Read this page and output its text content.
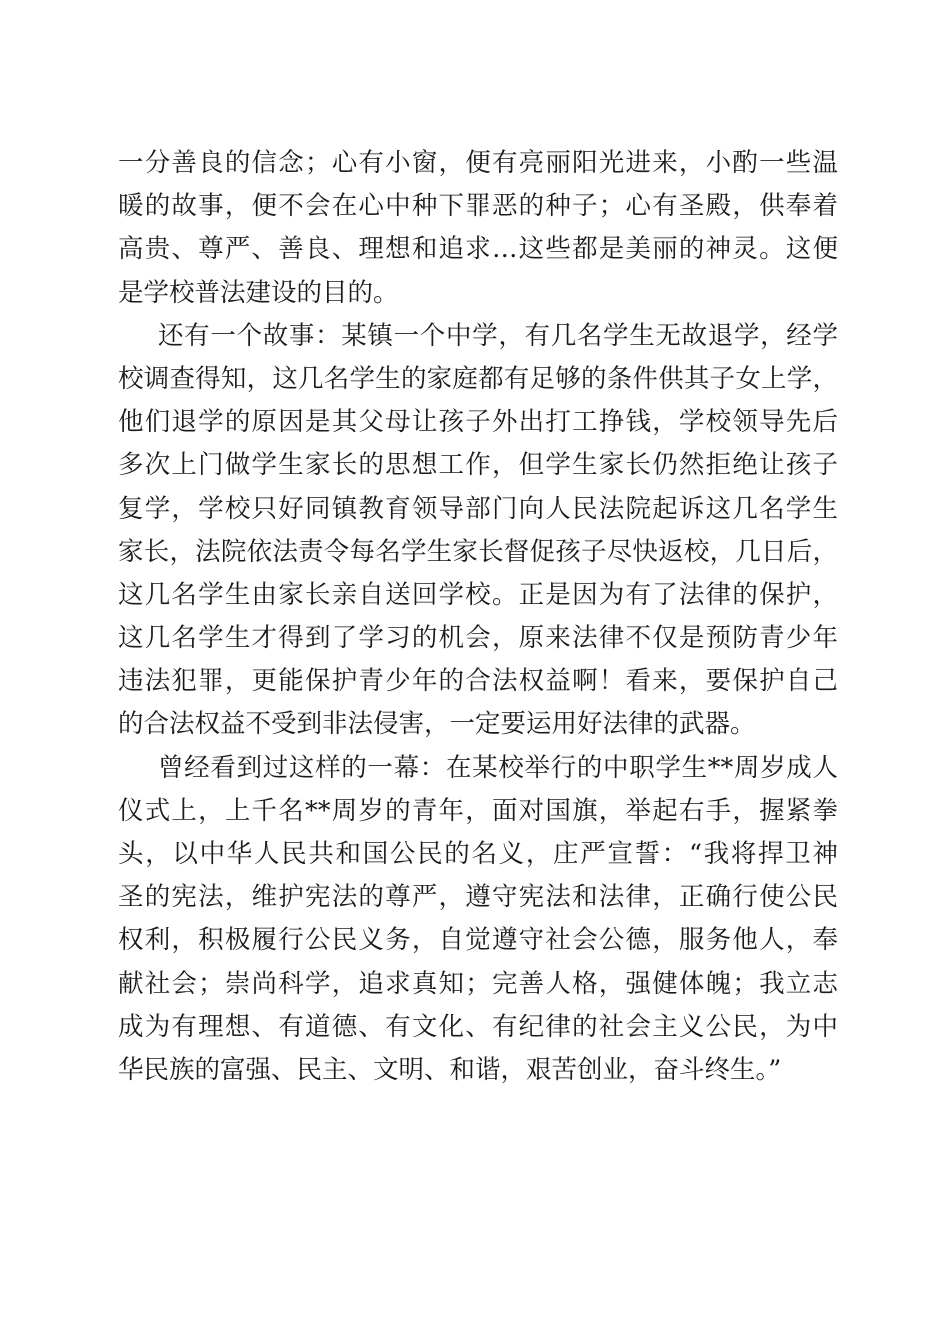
一分善良的信念；心有小窗，便有亮丽阳光进来，小酌一些温
暖的故事，便不会在心中种下罪恶的种子；心有圣殿，供奉着
高贵、尊严、善良、理想和追求…这些都是美丽的神灵。这便
是学校普法建设的目的。
还有一个故事：某镇一个中学，有几名学生无故退学，经学
校调查得知，这几名学生的家庭都有足够的条件供其子女上学，
他们退学的原因是其父母让孩子外出打工挣钱，学校领导先后
多次上门做学生家长的思想工作，但学生家长仍然拒绝让孩子
复学，学校只好同镇教育领导部门向人民法院起诉这几名学生
家长，法院依法责令每名学生家长督促孩子尽快返校，几日后，
这几名学生由家长亲自送回学校。正是因为有了法律的保护，
这几名学生才得到了学习的机会，原来法律不仅是预防青少年
违法犯罪，更能保护青少年的合法权益啊！看来，要保护自己
的合法权益不受到非法侵害，一定要运用好法律的武器。
曾经看到过这样的一幕：在某校举行的中职学生**周岁成人
仪式上，上千名**周岁的青年，面对国旗，举起右手，握紧拳
头，以中华人民共和国公民的名义，庄严宣誓：“我将捍卫神
圣的宪法，维护宪法的尊严，遵守宪法和法律，正确行使公民
权利，积极履行公民义务，自觉遵守社会公德，服务他人，奉
献社会；崇尚科学，追求真知；完善人格，强健体魄；我立志
成为有理想、有道德、有文化、有纪律的社会主义公民，为中
华民族的富强、民主、文明、和谐，艰苦创业，奋斗终生。”
